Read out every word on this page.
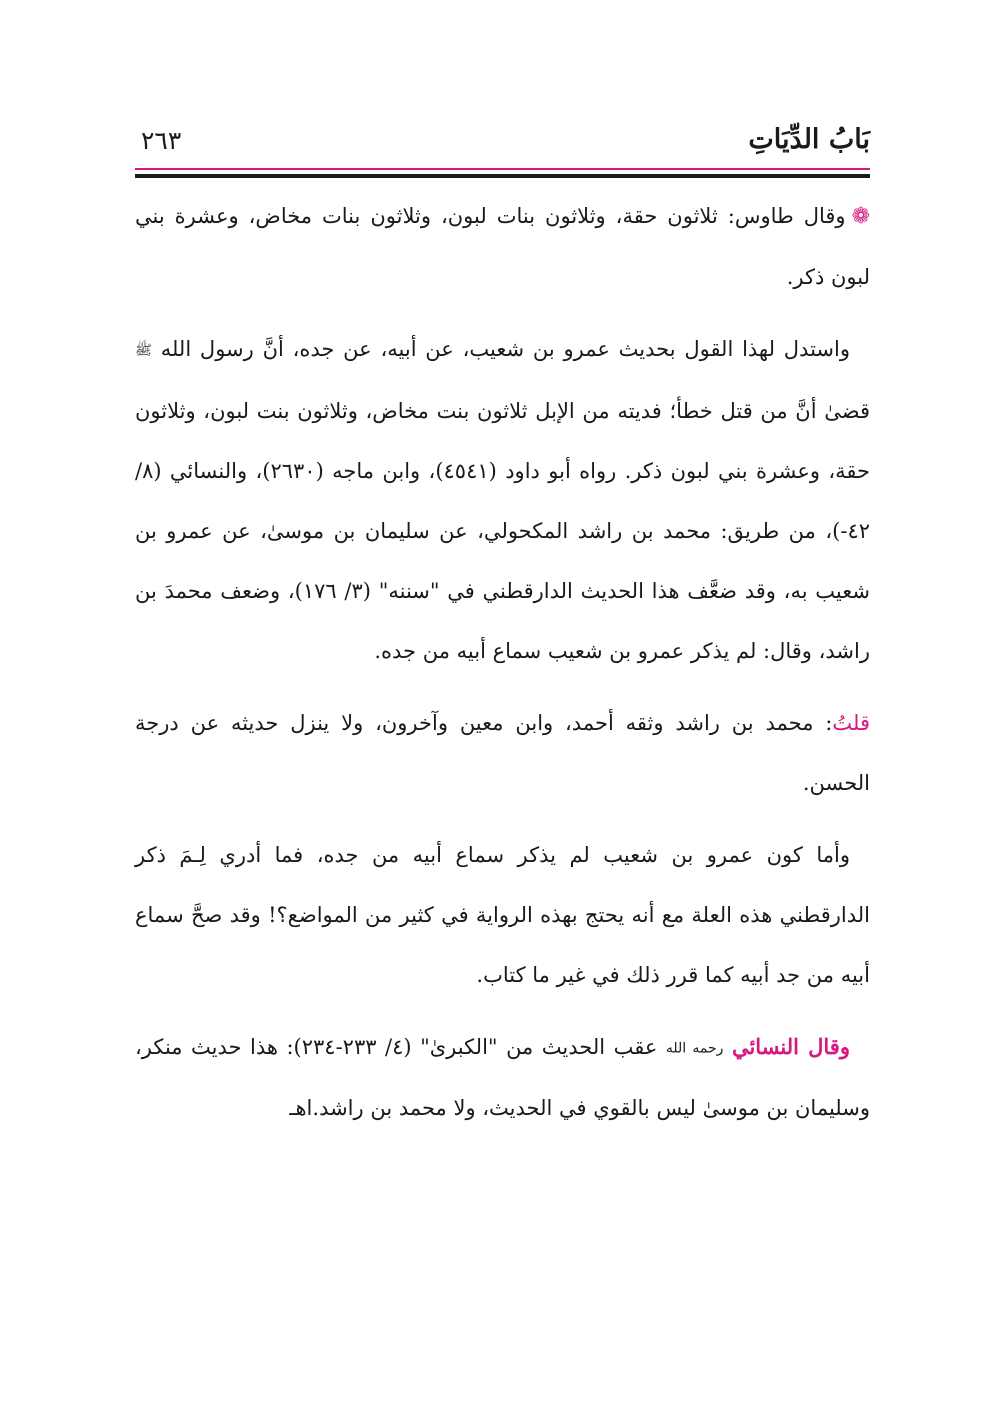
بَابُ الدِّيَاتِ
٢٦٣

❁وقال طاوس: ثلاثون حقة، وثلاثون بنات لبون، وثلاثون بنات مخاض، وعشرة بني لبون ذكر.

واستدل لهذا القول بحديث عمرو بن شعيب، عن أبيه، عن جده، أنَّ رسول الله ﷺ قضىٰ أنَّ من قتل خطأ؛ فديته من الإبل ثلاثون بنت مخاض، وثلاثون بنت لبون، وثلاثون حقة، وعشرة بني لبون ذكر. رواه أبو داود (٤٥٤١)، وابن ماجه (٢٦٣٠)، والنسائي (٨/ ٤٢-)، من طريق: محمد بن راشد المكحولي، عن سليمان بن موسىٰ، عن عمرو بن شعيب به، وقد ضعَّف هذا الحديث الدارقطني في "سننه" (٣/ ١٧٦)، وضعف محمدَ بن راشد، وقال: لم يذكر عمرو بن شعيب سماع أبيه من جده.

قلتُ: محمد بن راشد وثقه أحمد، وابن معين وآخرون، ولا ينزل حديثه عن درجة الحسن.

وأما كون عمرو بن شعيب لم يذكر سماع أبيه من جده، فما أدري لِـمَ ذكر الدارقطني هذه العلة مع أنه يحتج بهذه الرواية في كثير من المواضع؟! وقد صحَّ سماع أبيه من جد أبيه كما قرر ذلك في غير ما كتاب.

وقال النسائي رحمه الله عقب الحديث من "الكبرىٰ" (٤/ ٢٣٣-٢٣٤): هذا حديث منكر، وسليمان بن موسىٰ ليس بالقوي في الحديث، ولا محمد بن راشد.اهـ
